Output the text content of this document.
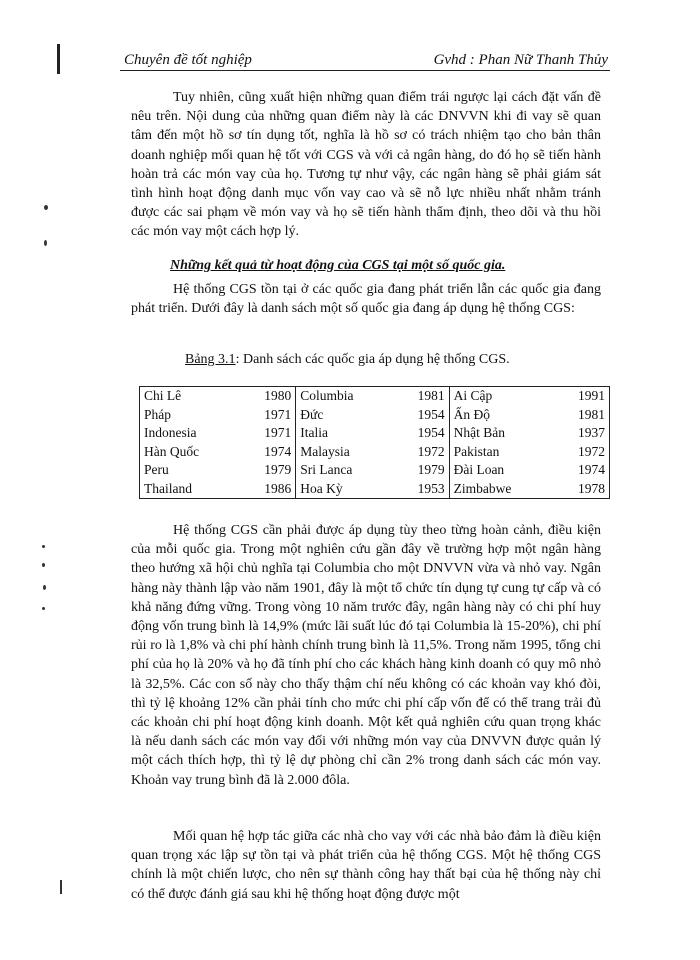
Chuyên đề tốt nghiệp	Gvhd : Phan Nữ Thanh Thủy

Tuy nhiên, cũng xuất hiện những quan điểm trái ngược lại cách đặt vấn đề nêu trên. Nội dung của những quan điểm này là các DNVVN khi đi vay sẽ quan tâm đến một hồ sơ tín dụng tốt, nghĩa là hồ sơ có trách nhiệm tạo cho bản thân doanh nghiệp mối quan hệ tốt với CGS và với cả ngân hàng, do đó họ sẽ tiến hành hoàn trả các món vay của họ. Tương tự như vậy, các ngân hàng sẽ phải giám sát tình hình hoạt động danh mục vốn vay cao và sẽ nỗ lực nhiều nhất nhằm tránh được các sai phạm về món vay và họ sẽ tiến hành thẩm định, theo dõi và thu hồi các món vay một cách hợp lý.

Những kết quả từ hoạt động của CGS tại một số quốc gia.

Hệ thống CGS tồn tại ở các quốc gia đang phát triển lẫn các quốc gia đang phát triển. Dưới đây là danh sách một số quốc gia đang áp dụng hệ thống CGS:

Bảng 3.1: Danh sách các quốc gia áp dụng hệ thống CGS.

Chi Lê	1980	Columbia	1981	Ai Cập	1991
Pháp	1971	Đức	1954	Ấn Độ	1981
Indonesia	1971	Italia	1954	Nhật Bản	1937
Hàn Quốc	1974	Malaysia	1972	Pakistan	1972
Peru	1979	Sri Lanca	1979	Đài Loan	1974
Thailand	1986	Hoa Kỳ	1953	Zimbabwe	1978

Hệ thống CGS cần phải được áp dụng tùy theo từng hoàn cảnh, điều kiện của mỗi quốc gia. Trong một nghiên cứu gần đây về trường hợp một ngân hàng theo hướng xã hội chủ nghĩa tại Columbia cho một DNVVN vừa và nhỏ vay. Ngân hàng này thành lập vào năm 1901, đây là một tổ chức tín dụng tự cung tự cấp và có khả năng đứng vững. Trong vòng 10 năm trước đây, ngân hàng này có chi phí huy động vốn trung bình là 14,9% (mức lãi suất lúc đó tại Columbia là 15-20%), chi phí rủi ro là 1,8% và chi phí hành chính trung bình là 11,5%. Trong năm 1995, tổng chi phí của họ là 20% và họ đã tính phí cho các khách hàng kinh doanh có quy mô nhỏ là 32,5%. Các con số này cho thấy thậm chí nếu không có các khoản vay khó đòi, thì tỷ lệ khoảng 12% cần phải tính cho mức chi phí cấp vốn để có thể trang trải đủ các khoản chi phí hoạt động kinh doanh. Một kết quả nghiên cứu quan trọng khác là nếu danh sách các món vay đối với những món vay của DNVVN được quản lý một cách thích hợp, thì tỷ lệ dự phòng chỉ cần 2% trong danh sách các món vay. Khoản vay trung bình đã là 2.000 đôla.

Mối quan hệ hợp tác giữa các nhà cho vay với các nhà bảo đảm là điều kiện quan trọng xác lập sự tồn tại và phát triển của hệ thống CGS. Một hệ thống CGS chính là một chiến lược, cho nên sự thành công hay thất bại của hệ thống này chỉ có thể được đánh giá sau khi hệ thống hoạt động được một
